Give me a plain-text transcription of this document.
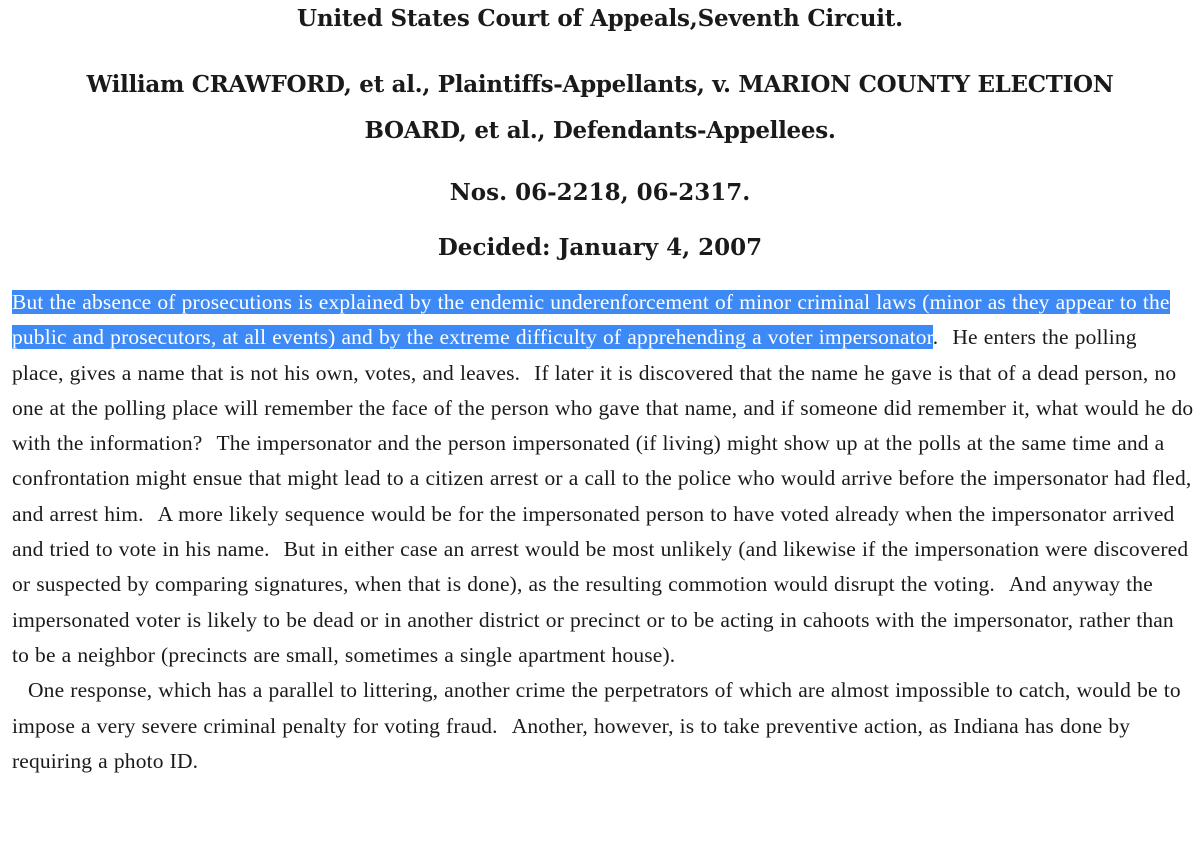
United States Court of Appeals,Seventh Circuit.
William CRAWFORD, et al., Plaintiffs-Appellants, v. MARION COUNTY ELECTION
BOARD, et al., Defendants-Appellees.
Nos. 06-2218, 06-2317.
Decided: January 4, 2007

But the absence of prosecutions is explained by the endemic underenforcement of minor criminal laws (minor as they appear to the public and prosecutors, at all events) and by the extreme difficulty of apprehending a voter impersonator. He enters the polling place, gives a name that is not his own, votes, and leaves. If later it is discovered that the name he gave is that of a dead person, no one at the polling place will remember the face of the person who gave that name, and if someone did remember it, what would he do with the information? The impersonator and the person impersonated (if living) might show up at the polls at the same time and a confrontation might ensue that might lead to a citizen arrest or a call to the police who would arrive before the impersonator had fled, and arrest him. A more likely sequence would be for the impersonated person to have voted already when the impersonator arrived and tried to vote in his name. But in either case an arrest would be most unlikely (and likewise if the impersonation were discovered or suspected by comparing signatures, when that is done), as the resulting commotion would disrupt the voting. And anyway the impersonated voter is likely to be dead or in another district or precinct or to be acting in cahoots with the impersonator, rather than to be a neighbor (precincts are small, sometimes a single apartment house).

One response, which has a parallel to littering, another crime the perpetrators of which are almost impossible to catch, would be to impose a very severe criminal penalty for voting fraud. Another, however, is to take preventive action, as Indiana has done by requiring a photo ID.
